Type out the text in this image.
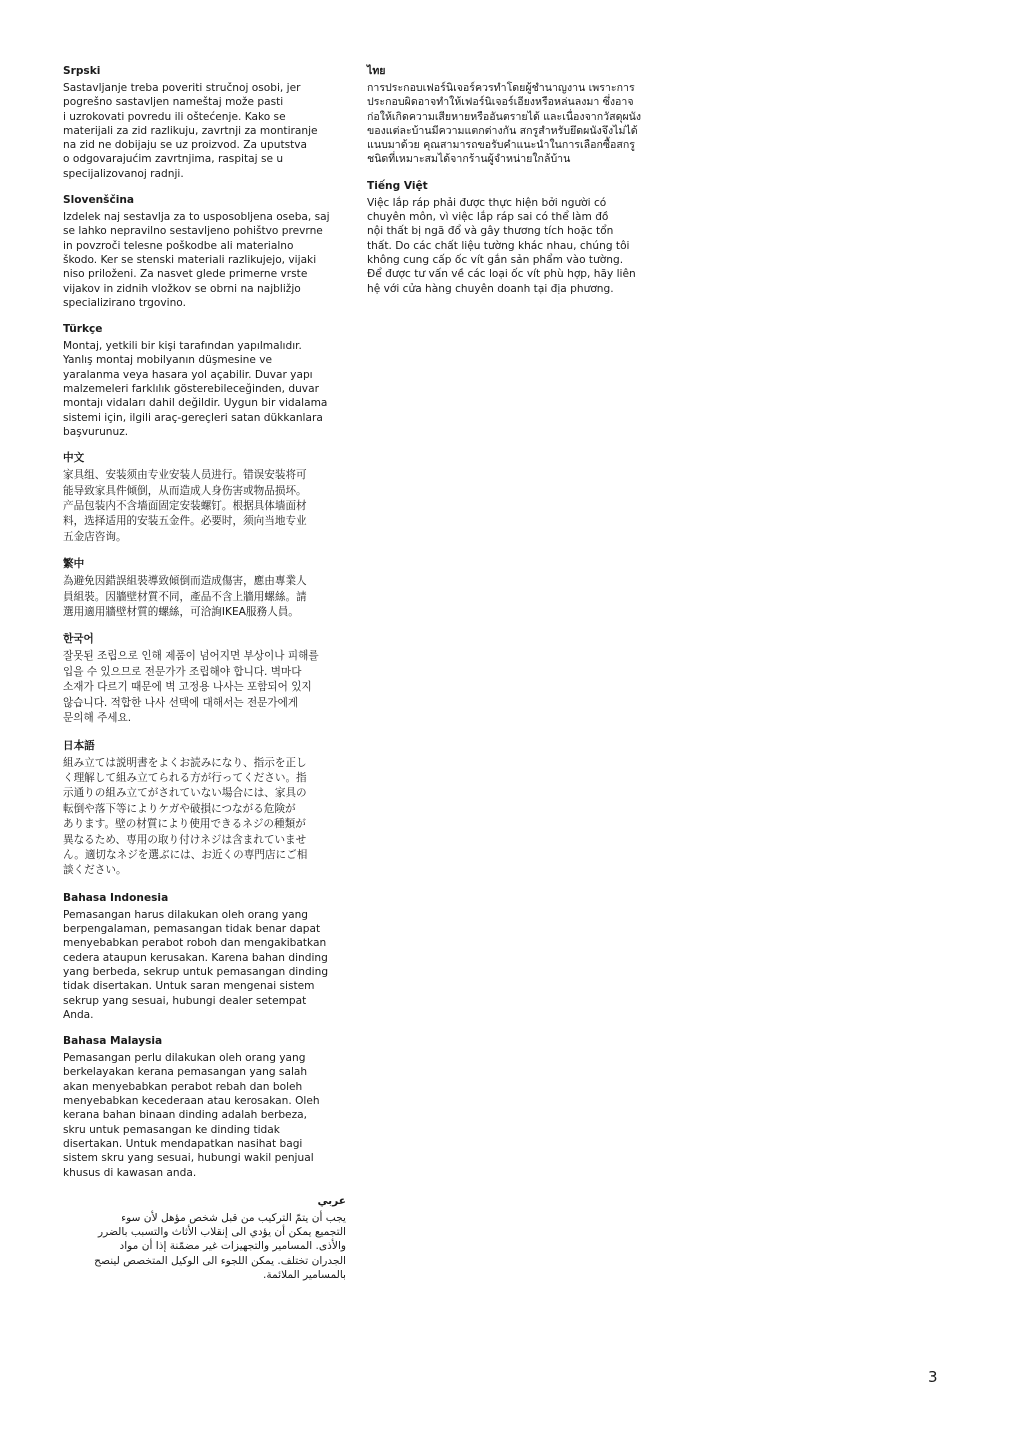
Srpski

Sastavljanje treba poveriti stručnoj osobi, jer
pogrešno sastavljen nameštaj može pasti
i uzrokovati povredu ili oštećenje. Kako se
materijali za zid razlikuju, zavrtnji za montiranje
na zid ne dobijaju se uz proizvod. Za uputstva
o odgovarajućim zavrtnjima, raspitaj se u
specijalizovanoj radnji.

Slovenščina

Izdelek naj sestavlja za to usposobljena oseba, saj
se lahko nepravilno sestavljeno pohištvo prevrne
in povzroči telesne poškodbe ali materialno
škodo. Ker se stenski materiali razlikujejo, vijaki
niso priloženi. Za nasvet glede primerne vrste
vijakov in zidnih vložkov se obrni na najbližjo
specializirano trgovino.

Türkçe

Montaj, yetkili bir kişi tarafından yapılmalıdır.
Yanlış montaj mobilyanın düşmesine ve
yaralanma veya hasara yol açabilir. Duvar yapı
malzemeleri farklılık gösterebileceğinden, duvar
montajı vidaları dahil değildir. Uygun bir vidalama
sistemi için, ilgili araç-gereçleri satan dükkanlara
başvurunuz.

中文

家具组、安装须由专业安装人员进行。错误安装将可
能导致家具件倾倒，从而造成人身伤害或物品损坏。
产品包装内不含墙面固定安装螺钉。根据具体墙面材
料，选择适用的安装五金件。必要时，须向当地专业
五金店咨询。

繁中

為避免因錯誤組裝導致傾倒而造成傷害，應由專業人
員組裝。因牆壁材質不同，產品不含上牆用螺絲。請
選用適用牆壁材質的螺絲，可洽詢IKEA服務人員。

한국어

잘못된 조립으로 인해 제품이 넘어지면 부상이나 피해를
입을 수 있으므로 전문가가 조립해야 합니다. 벽마다
소재가 다르기 때문에 벽 고정용 나사는 포함되어 있지
않습니다. 적합한 나사 선택에 대해서는 전문가에게
문의해 주세요.

日本語

組み立ては説明書をよくお読みになり、指示を正し
く理解して組み立てられる方が行ってください。指
示通りの組み立てがされていない場合には、家具の
転倒や落下等によりケガや破損につながる危険が
あります。壁の材質により使用できるネジの種類が
異なるため、専用の取り付けネジは含まれていませ
ん。適切なネジを選ぶには、お近くの専門店にご相
談ください。

Bahasa Indonesia

Pemasangan harus dilakukan oleh orang yang
berpengalaman, pemasangan tidak benar dapat
menyebabkan perabot roboh dan mengakibatkan
cedera ataupun kerusakan. Karena bahan dinding
yang berbeda, sekrup untuk pemasangan dinding
tidak disertakan. Untuk saran mengenai sistem
sekrup yang sesuai, hubungi dealer setempat
Anda.

Bahasa Malaysia

Pemasangan perlu dilakukan oleh orang yang
berkelayakan kerana pemasangan yang salah
akan menyebabkan perabot rebah dan boleh
menyebabkan kecederaan atau kerosakan. Oleh
kerana bahan binaan dinding adalah berbeza,
skru untuk pemasangan ke dinding tidak
disertakan. Untuk mendapatkan nasihat bagi
sistem skru yang sesuai, hubungi wakil penjual
khusus di kawasan anda.

عربي

يجب أن يتمّ التركيب من قبل شخص مؤهل لأن سوء
التجميع يمكن أن يؤدي الى إنقلاب الأثاث والتسبب بالضرر
والأذى. المسامير والتجهيزات غير مضمّنة إذا أن مواد
الجدران تختلف. يمكن اللجوء الى الوكيل المتخصص لينصح
بالمسامير الملائمة.

ไทย

การประกอบเฟอร์นิเจอร์ควรทำโดยผู้ชำนาญงาน เพราะการ
ประกอบผิดอาจทำให้เฟอร์นิเจอร์เอียงหรือหล่นลงมา ซึ่งอาจ
ก่อให้เกิดความเสียหายหรืออันตรายได้ และเนื่องจากวัสดุผนัง
ของแต่ละบ้านมีความแตกต่างกัน สกรูสำหรับยึดผนังจึงไม่ได้
แนบมาด้วย คุณสามารถขอรับคำแนะนำในการเลือกซื้อสกรู
ชนิดที่เหมาะสมได้จากร้านผู้จำหน่ายใกล้บ้าน

Tiếng Việt

Việc lắp ráp phải được thực hiện bởi người có
chuyên môn, vì việc lắp ráp sai có thể làm đồ
nội thất bị ngã đổ và gây thương tích hoặc tổn
thất. Do các chất liệu tường khác nhau, chúng tôi
không cung cấp ốc vít gắn sản phẩm vào tường.
Để được tư vấn về các loại ốc vít phù hợp, hãy liên
hệ với cửa hàng chuyên doanh tại địa phương.

3
